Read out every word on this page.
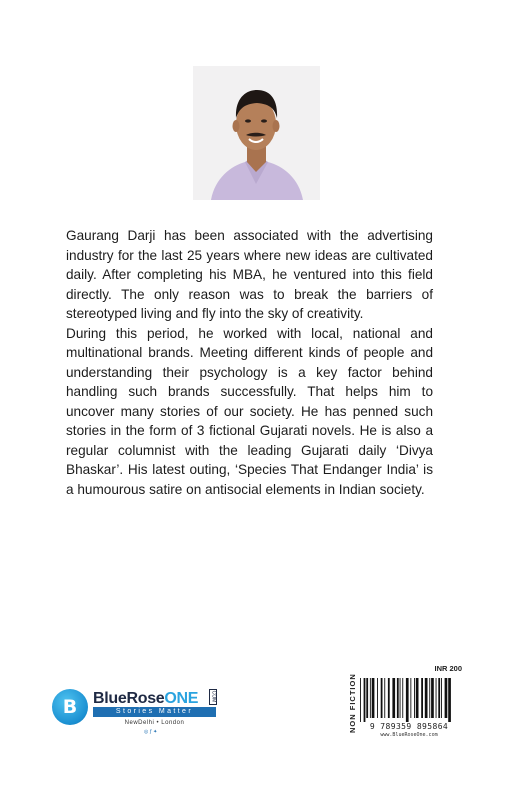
Gaurang Darji has been associated with the advertising industry for the last 25 years where new ideas are cultivated daily. After completing his MBA, he ventured into this field directly. The only reason was to break the barriers of stereotyped living and fly into the sky of creativity.

During this period, he worked with local, national and multinational brands. Meeting different kinds of people and understanding their psychology is a key factor behind handling such brands successfully. That helps him to uncover many stories of our society. He has penned such stories in the form of 3 fictional Gujarati novels. He is also a regular columnist with the leading Gujarati daily ‘Divya Bhaskar’. His latest outing, ‘Species That Endanger India’ is a humourous satire on antisocial elements in Indian society.

B BlueRoseONE COM
Stories Matter
NewDelhi • London
◎ƒ✦	NON FICTION
INR 200
9 789359 895864
www.BlueRoseOne.com
